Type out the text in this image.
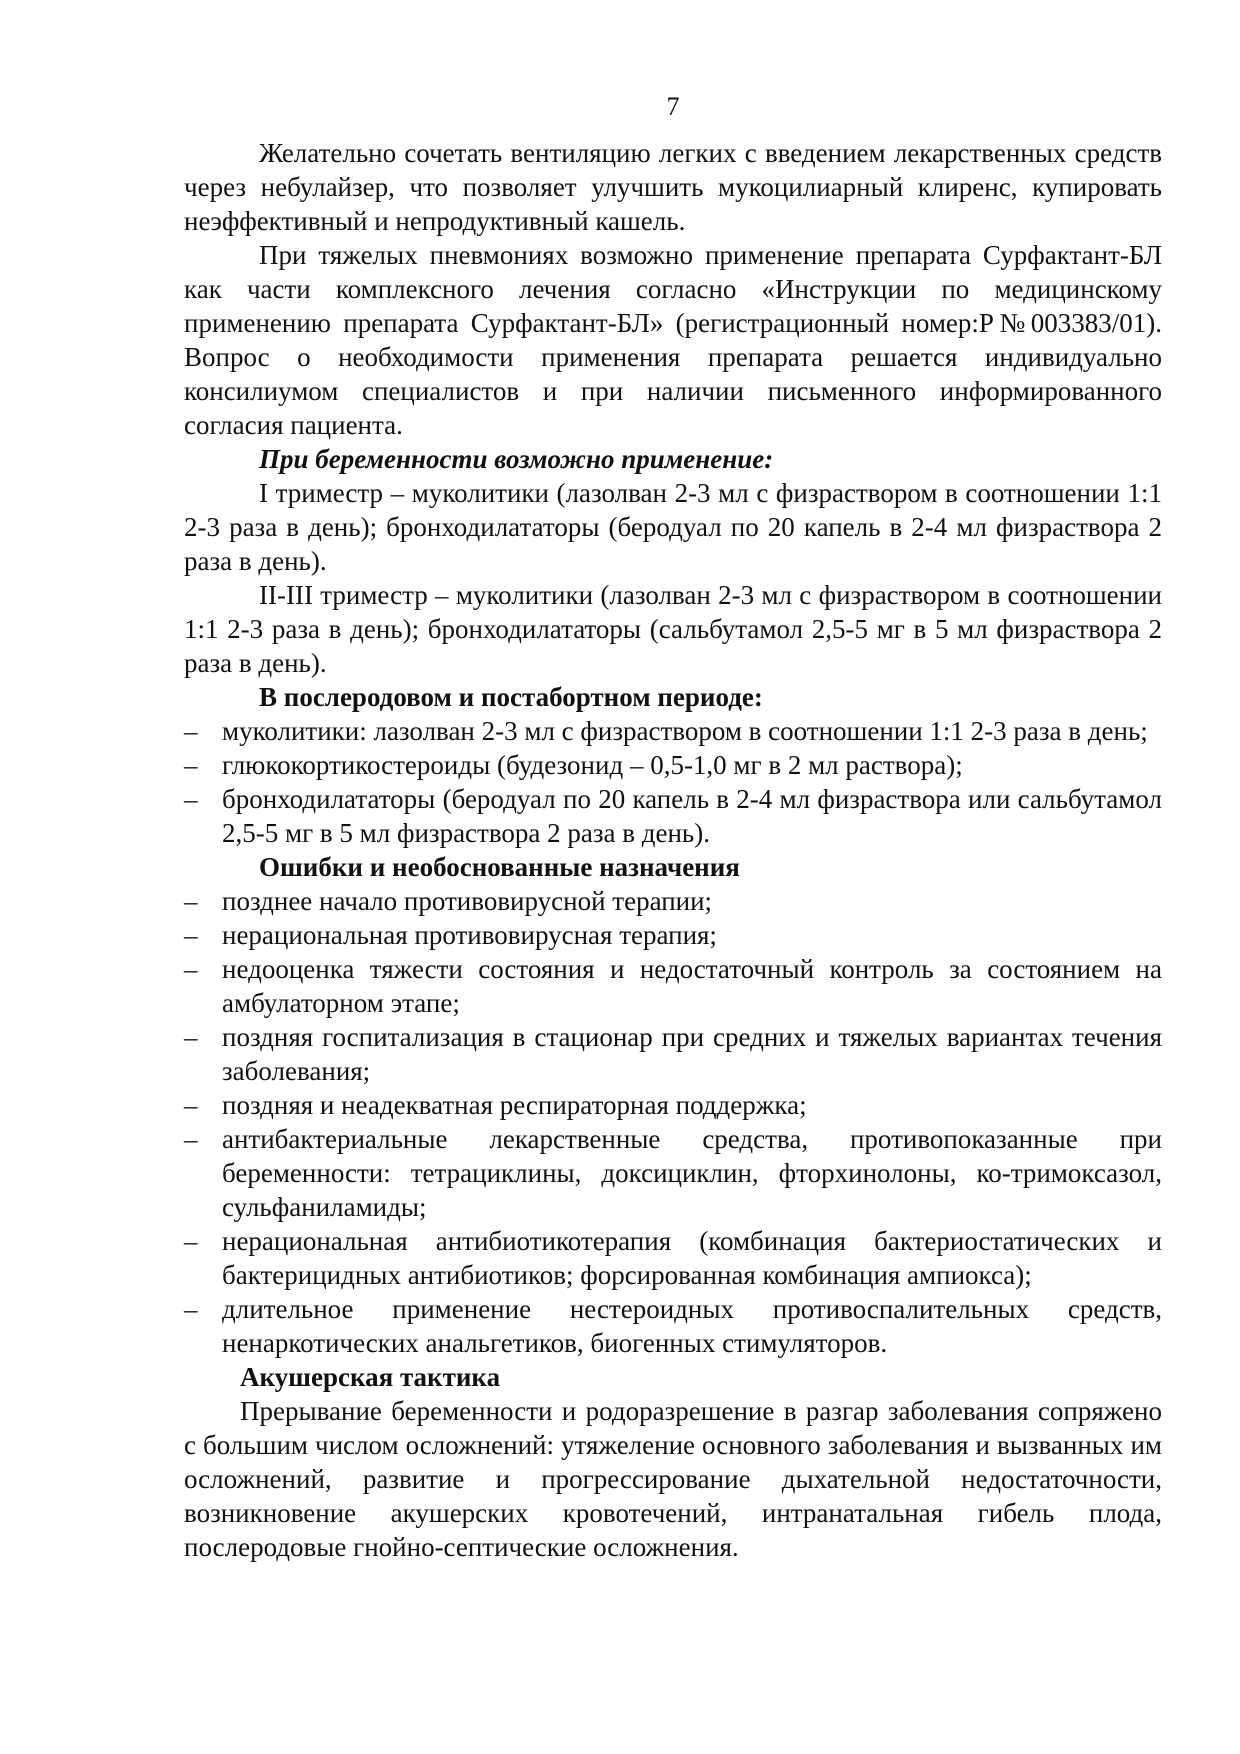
7

Желательно сочетать вентиляцию легких с введением лекарственных средств через небулайзер, что позволяет улучшить мукоцилиарный клиренс, купировать неэффективный и непродуктивный кашель.

При тяжелых пневмониях возможно применение препарата Сурфактант-БЛ как части комплексного лечения согласно «Инструкции по медицинскому применению препарата Сурфактант-БЛ» (регистрационный номер:Р№003383/01). Вопрос о необходимости применения препарата решается индивидуально консилиумом специалистов и при наличии письменного информированного согласия пациента.

При беременности возможно применение:

I триместр – муколитики (лазолван 2-3 мл с физраствором в соотношении 1:1 2-3 раза в день); бронходилататоры (беродуал по 20 капель в 2-4 мл физраствора 2 раза в день).

II-III триместр – муколитики (лазолван 2-3 мл с физраствором в соотношении 1:1 2-3 раза в день); бронходилататоры (сальбутамол 2,5-5 мг в 5 мл физраствора 2 раза в день).

В послеродовом и постабортном периоде:
– муколитики: лазолван 2-3 мл с физраствором в соотношении 1:1 2-3 раза в день;
– глюкокортикостероиды (будезонид – 0,5-1,0 мг в 2 мл раствора);
– бронходилататоры (беродуал по 20 капель в 2-4 мл физраствора или сальбутамол 2,5-5 мг в 5 мл физраствора 2 раза в день).
Ошибки и необоснованные назначения
– позднее начало противовирусной терапии;
– нерациональная противовирусная терапия;
– недооценка тяжести состояния и недостаточный контроль за состоянием на амбулаторном этапе;
– поздняя госпитализация в стационар при средних и тяжелых вариантах течения заболевания;
– поздняя и неадекватная респираторная поддержка;
– антибактериальные лекарственные средства, противопоказанные при беременности: тетрациклины, доксициклин, фторхинолоны, ко-тримоксазол, сульфаниламиды;
– нерациональная антибиотикотерапия (комбинация бактериостатических и бактерицидных антибиотиков; форсированная комбинация ампиокса);
– длительное применение нестероидных противоспалительных средств, ненаркотических анальгетиков, биогенных стимуляторов.
Акушерская тактика

Прерывание беременности и родоразрешение в разгар заболевания сопряжено с большим числом осложнений: утяжеление основного заболевания и вызванных им осложнений, развитие и прогрессирование дыхательной недостаточности, возникновение акушерских кровотечений, интранатальная гибель плода, послеродовые гнойно-септические осложнения.
